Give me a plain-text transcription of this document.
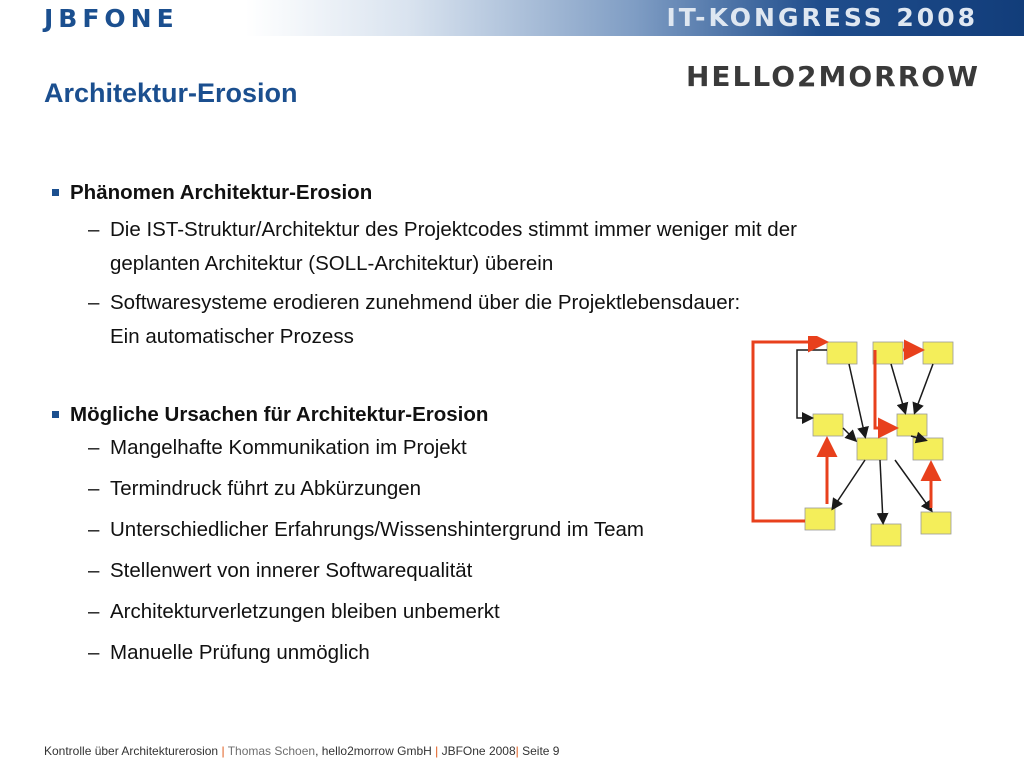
JBFONE	IT-KONGRESS 2008
HELLO2MORROW
Architektur-Erosion

Phänomen Architektur-Erosion

– Die IST-Struktur/Architektur des Projektcodes stimmt immer weniger mit der

geplanten Architektur (SOLL-Architektur) überein

– Softwaresysteme erodieren zunehmend über die Projektlebensdauer:

Ein automatischer Prozess

Mögliche Ursachen für Architektur-Erosion

– Mangelhafte Kommunikation im Projekt

– Termindruck führt zu Abkürzungen

– Unterschiedlicher Erfahrungs/Wissenshintergrund im Team

– Stellenwert von innerer Softwarequalität

– Architekturverletzungen bleiben unbemerkt

– Manuelle Prüfung unmöglich

Kontrolle über Architekturerosion | Thomas Schoen, hello2morrow GmbH | JBFOne 2008| Seite 9
